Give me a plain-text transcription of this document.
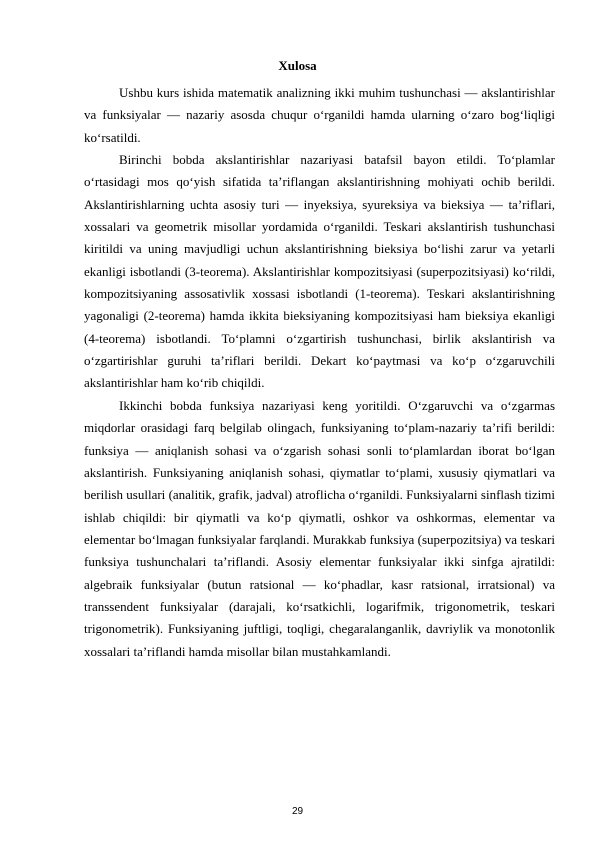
Xulosa

Ushbu kurs ishida matematik analizning ikki muhim tushunchasi — akslantirishlar va funksiyalar — nazariy asosda chuqur o‘rganildi hamda ularning o‘zaro bog‘liqligi ko‘rsatildi.

Birinchi bobda akslantirishlar nazariyasi batafsil bayon etildi. To‘plamlar o‘rtasidagi mos qo‘yish sifatida ta’riflangan akslantirishning mohiyati ochib berildi. Akslantirishlarning uchta asosiy turi — inyeksiya, syureksiya va bieksiya — ta’riflari, xossalari va geometrik misollar yordamida o‘rganildi. Teskari akslantirish tushunchasi kiritildi va uning mavjudligi uchun akslantirishning bieksiya bo‘lishi zarur va yetarli ekanligi isbotlandi (3-teorema). Akslantirishlar kompozitsiyasi (superpozitsiyasi) ko‘rildi, kompozitsiyaning assosativlik xossasi isbotlandi (1-teorema). Teskari akslantirishning yagonaligi (2-teorema) hamda ikkita bieksiyaning kompozitsiyasi ham bieksiya ekanligi (4-teorema) isbotlandi. To‘plamni o‘zgartirish tushunchasi, birlik akslantirish va o‘zgartirishlar guruhi ta’riflari berildi. Dekart ko‘paytmasi va ko‘p o‘zgaruvchili akslantirishlar ham ko‘rib chiqildi.

Ikkinchi bobda funksiya nazariyasi keng yoritildi. O‘zgaruvchi va o‘zgarmas miqdorlar orasidagi farq belgilab olingach, funksiyaning to‘plam-nazariy ta’rifi berildi: funksiya — aniqlanish sohasi va o‘zgarish sohasi sonli to‘plamlardan iborat bo‘lgan akslantirish. Funksiyaning aniqlanish sohasi, qiymatlar to‘plami, xususiy qiymatlari va berilish usullari (analitik, grafik, jadval) atroflicha o‘rganildi. Funksiyalarni sinflash tizimi ishlab chiqildi: bir qiymatli va ko‘p qiymatli, oshkor va oshkormas, elementar va elementar bo‘lmagan funksiyalar farqlandi. Murakkab funksiya (superpozitsiya) va teskari funksiya tushunchalari ta’riflandi. Asosiy elementar funksiyalar ikki sinfga ajratildi: algebraik funksiyalar (butun ratsional — ko‘phadlar, kasr ratsional, irratsional) va transsendent funksiyalar (darajali, ko‘rsatkichli, logarifmik, trigonometrik, teskari trigonometrik). Funksiyaning juftligi, toqligi, chegaralanganlik, davriylik va monotonlik xossalari ta’riflandi hamda misollar bilan mustahkamlandi.

29
